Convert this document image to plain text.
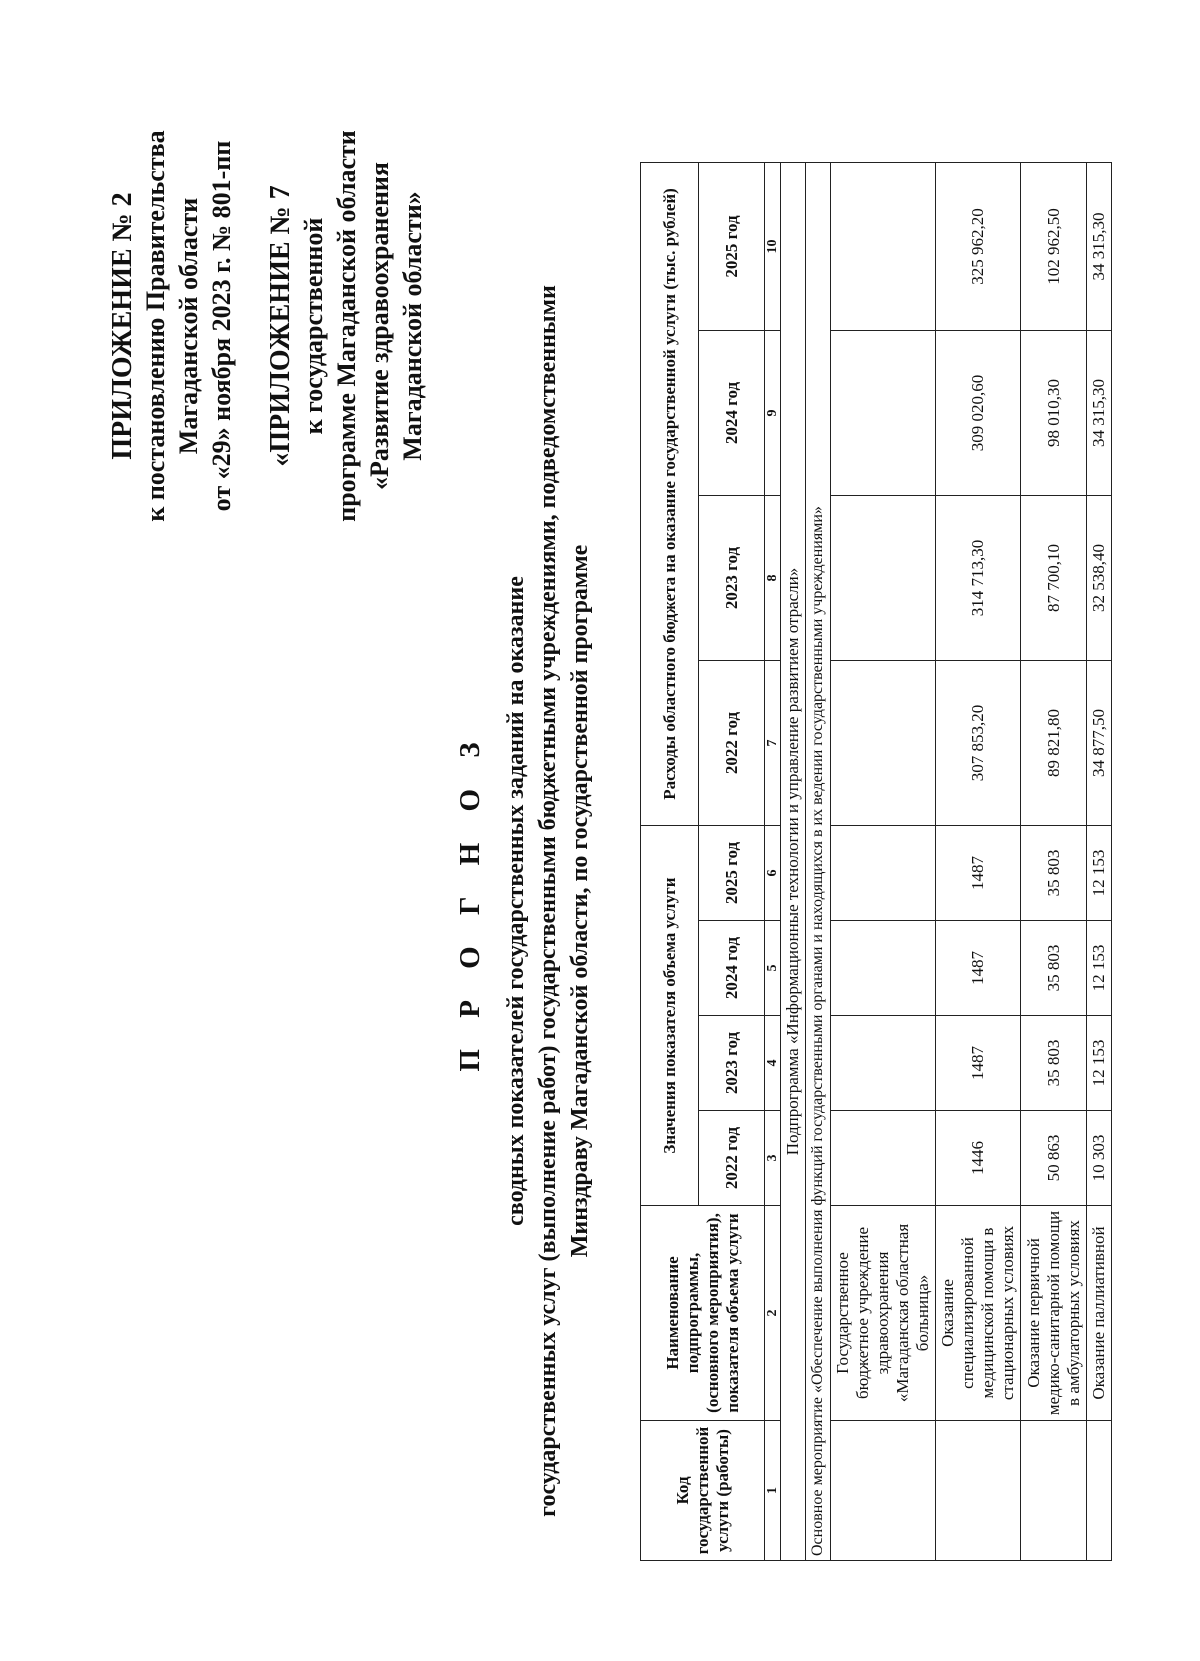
ПРИЛОЖЕНИЕ № 2 к постановлению Правительства Магаданской области от «29» ноября 2023 г. № 801-пп «ПРИЛОЖЕНИЕ № 7 к государственной программе Магаданской области «Развитие здравоохранения Магаданской области»
П Р О Г Н О З сводных показателей государственных заданий на оказание государственных услуг (выполнение работ) государственными бюджетными учреждениями, подведомственными Минздраву Магаданской области, по государственной программе
Код государственной услуги (работы)	Наименование подпрограммы, (основного мероприятия), показателя объема услуги	Значения показателя объема услуги				Расходы областного бюджета на оказание государственной услуги (тыс. рублей)			
		2022 год	2023 год	2024 год	2025 год	2022 год	2023 год	2024 год	2025 год
1	2	3	4	5	6	7	8	9	10
Подпрограмма «Информационные технологии и управление развитием отрасли»									
Основное мероприятие «Обеспечение выполнения функций государственными органами и находящихся в их ведении государственными учреждениями»									
	Государственное бюджетное учреждение здравоохранения «Магаданская областная больница»								
	Оказание специализированной медицинской помощи в стационарных условиях	1446	1487	1487	1487	307 853,20	314 713,30	309 020,60	325 962,20
	Оказание первичной медико-санитарной помощи в амбулаторных условиях	50 863	35 803	35 803	35 803	89 821,80	87 700,10	98 010,30	102 962,50
	Оказание паллиативной	10 303	12 153	12 153	12 153	34 877,50	32 538,40	34 315,30	34 315,30
